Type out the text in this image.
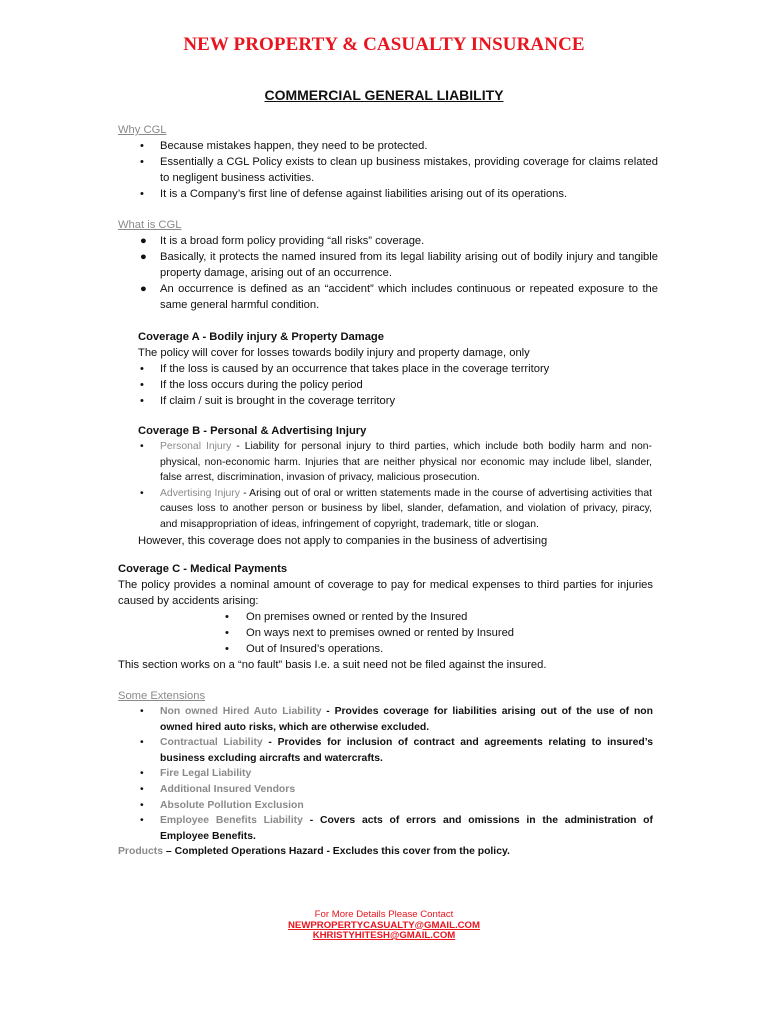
NEW PROPERTY & CASUALTY INSURANCE
COMMERCIAL GENERAL LIABILITY
Why CGL
• Because mistakes happen, they need to be protected.
• Essentially a CGL Policy exists to clean up business mistakes, providing coverage for claims related to negligent business activities.
• It is a Company’s first line of defense against liabilities arising out of its operations.
What is CGL
● It is a broad form policy providing “all risks” coverage.
● Basically, it protects the named insured from its legal liability arising out of bodily injury and tangible property damage, arising out of an occurrence.
● An occurrence is defined as an “accident” which includes continuous or repeated exposure to the same general harmful condition.
Coverage A - Bodily injury & Property Damage
The policy will cover for losses towards bodily injury and property damage, only
• If the loss is caused by an occurrence that takes place in the coverage territory
• If the loss occurs during the policy period
• If claim / suit is brought in the coverage territory
Coverage B - Personal & Advertising Injury
• Personal Injury - Liability for personal injury to third parties, which include both bodily harm and non-physical, non-economic harm. Injuries that are neither physical nor economic may include libel, slander, false arrest, discrimination, invasion of privacy, malicious prosecution.
• Advertising Injury - Arising out of oral or written statements made in the course of advertising activities that causes loss to another person or business by libel, slander, defamation, and violation of privacy, piracy, and misappropriation of ideas, infringement of copyright, trademark, title or slogan.
However, this coverage does not apply to companies in the business of advertising
Coverage C - Medical Payments
The policy provides a nominal amount of coverage to pay for medical expenses to third parties for injuries caused by accidents arising:
• On premises owned or rented by the Insured
• On ways next to premises owned or rented by Insured
• Out of Insured’s operations.
This section works on a “no fault” basis I.e. a suit need not be filed against the insured.
Some Extensions
• Non owned Hired Auto Liability - Provides coverage for liabilities arising out of the use of non owned hired auto risks, which are otherwise excluded.
• Contractual Liability - Provides for inclusion of contract and agreements relating to insured’s business excluding aircrafts and watercrafts.
• Fire Legal Liability
• Additional Insured Vendors
• Absolute Pollution Exclusion
• Employee Benefits Liability - Covers acts of errors and omissions in the administration of Employee Benefits.
Products – Completed Operations Hazard - Excludes this cover from the policy.
For More Details Please Contact
NEWPROPERTYCASUALTY@GMAIL.COM
KHRISTYHITESH@GMAIL.COM
